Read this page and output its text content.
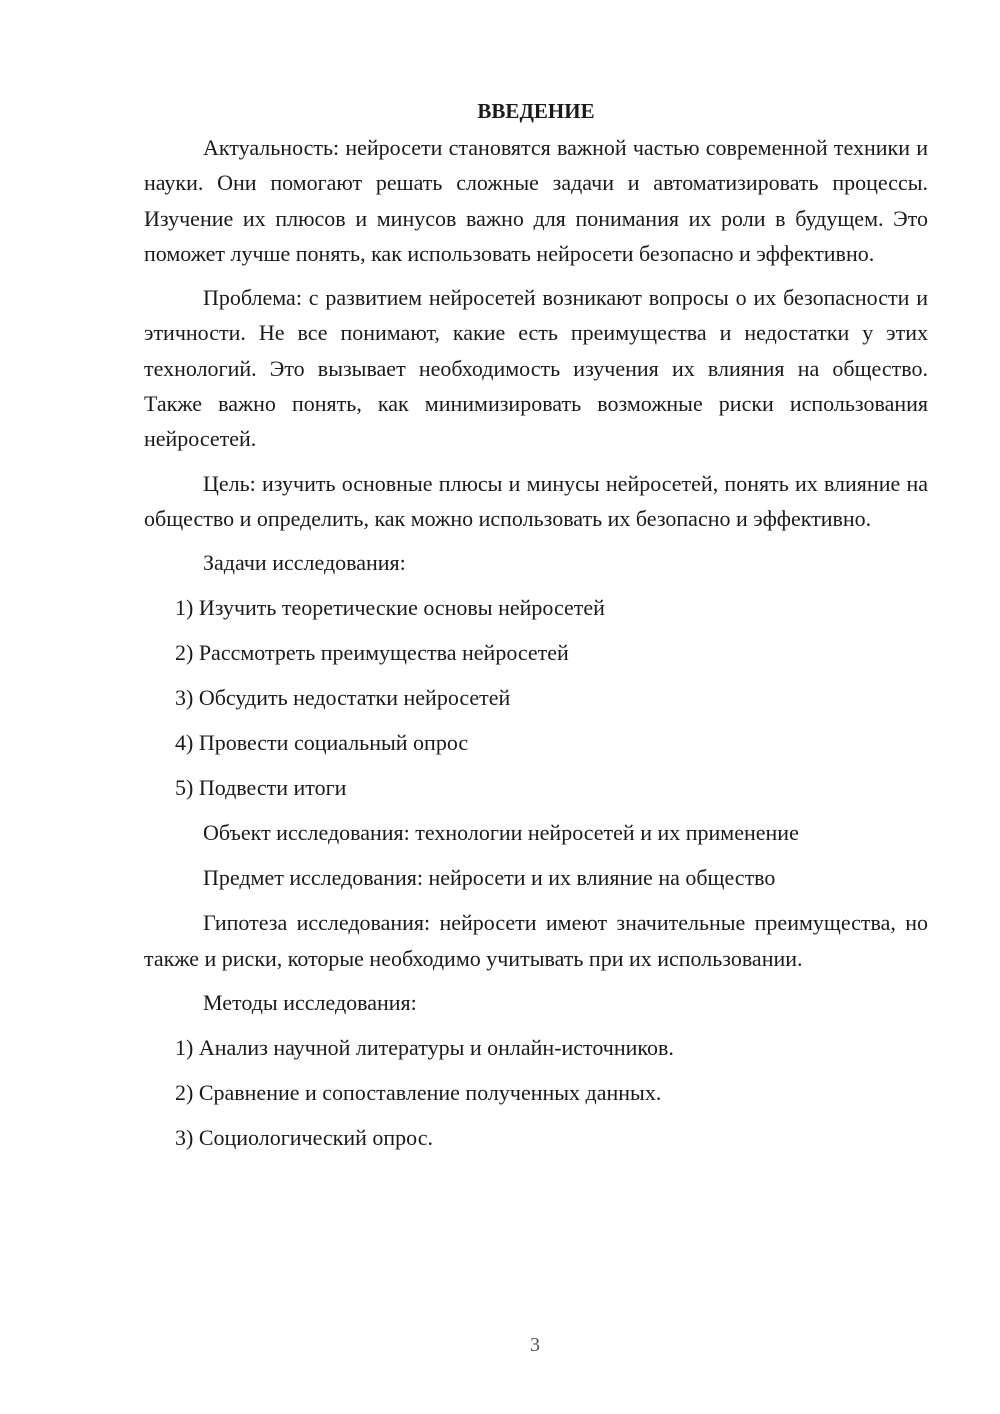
ВВЕДЕНИЕ
Актуальность: нейросети становятся важной частью современной техники и науки. Они помогают решать сложные задачи и автоматизировать процессы. Изучение их плюсов и минусов важно для понимания их роли в будущем. Это поможет лучше понять, как использовать нейросети безопасно и эффективно.
Проблема: с развитием нейросетей возникают вопросы о их безопасности и этичности. Не все понимают, какие есть преимущества и недостатки у этих технологий. Это вызывает необходимость изучения их влияния на общество. Также важно понять, как минимизировать возможные риски использования нейросетей.
Цель: изучить основные плюсы и минусы нейросетей, понять их влияние на общество и определить, как можно использовать их безопасно и эффективно.
Задачи исследования:
1) Изучить теоретические основы нейросетей
2) Рассмотреть преимущества нейросетей
3) Обсудить недостатки нейросетей
4) Провести социальный опрос
5) Подвести итоги
Объект исследования: технологии нейросетей и их применение
Предмет исследования: нейросети и их влияние на общество
Гипотеза исследования: нейросети имеют значительные преимущества, но также и риски, которые необходимо учитывать при их использовании.
Методы исследования:
1) Анализ научной литературы и онлайн-источников.
2) Сравнение и сопоставление полученных данных.
3) Социологический опрос.
3
